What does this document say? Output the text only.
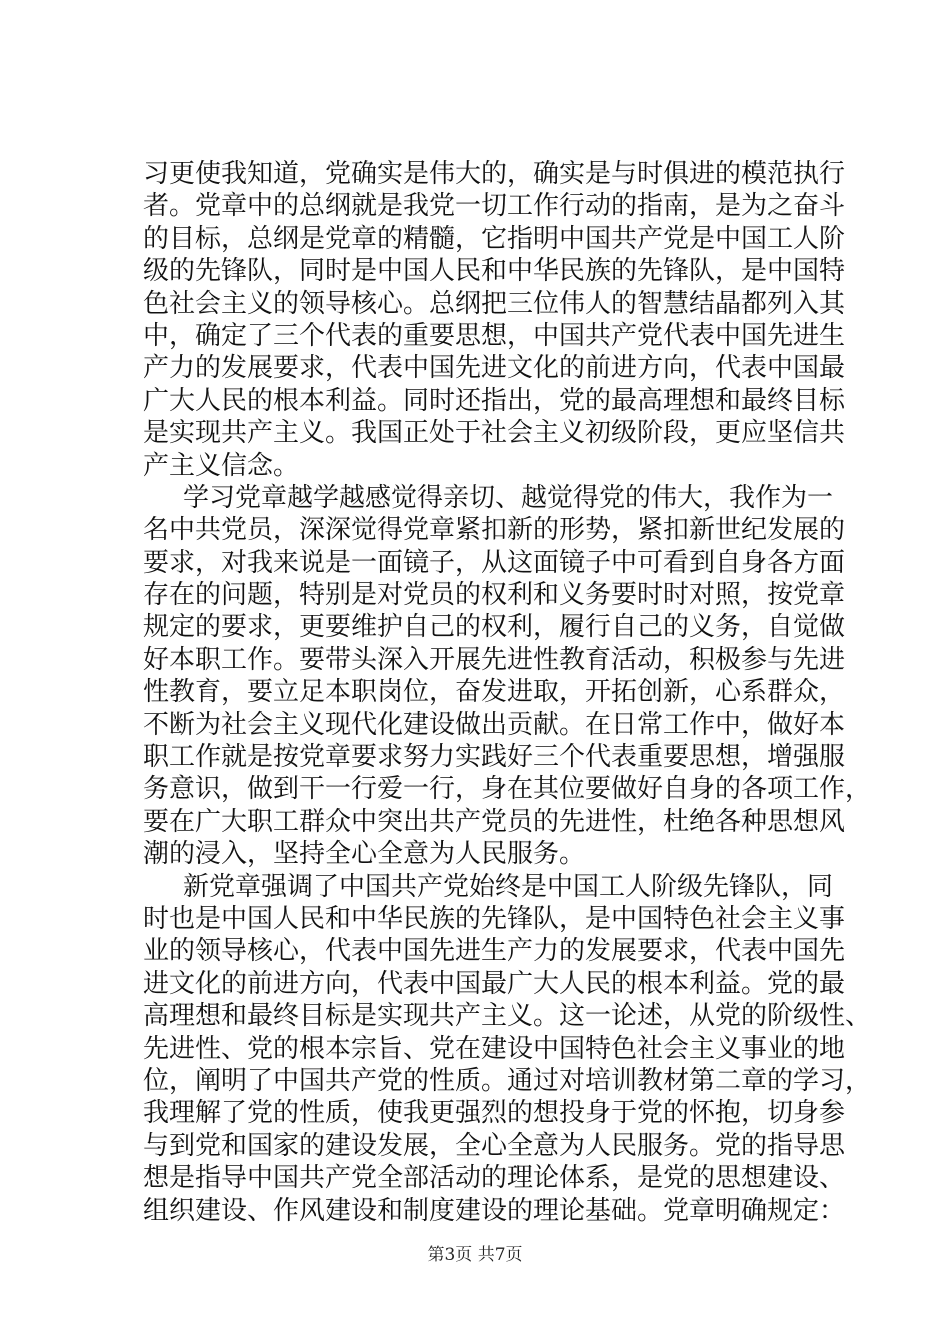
习更使我知道，党确实是伟大的，确实是与时俱进的模范执行
者。党章中的总纲就是我党一切工作行动的指南，是为之奋斗
的目标，总纲是党章的精髓，它指明中国共产党是中国工人阶
级的先锋队，同时是中国人民和中华民族的先锋队，是中国特
色社会主义的领导核心。总纲把三位伟人的智慧结晶都列入其
中，确定了三个代表的重要思想，中国共产党代表中国先进生
产力的发展要求，代表中国先进文化的前进方向，代表中国最
广大人民的根本利益。同时还指出，党的最高理想和最终目标
是实现共产主义。我国正处于社会主义初级阶段，更应坚信共
产主义信念。
学习党章越学越感觉得亲切、越觉得党的伟大，我作为一
名中共党员，深深觉得党章紧扣新的形势，紧扣新世纪发展的
要求，对我来说是一面镜子，从这面镜子中可看到自身各方面
存在的问题，特别是对党员的权利和义务要时时对照，按党章
规定的要求，更要维护自己的权利，履行自己的义务，自觉做
好本职工作。要带头深入开展先进性教育活动，积极参与先进
性教育，要立足本职岗位，奋发进取，开拓创新，心系群众，
不断为社会主义现代化建设做出贡献。在日常工作中，做好本
职工作就是按党章要求努力实践好三个代表重要思想，增强服
务意识，做到干一行爱一行，身在其位要做好自身的各项工作，
要在广大职工群众中突出共产党员的先进性，杜绝各种思想风
潮的浸入，坚持全心全意为人民服务。
新党章强调了中国共产党始终是中国工人阶级先锋队，同
时也是中国人民和中华民族的先锋队，是中国特色社会主义事
业的领导核心，代表中国先进生产力的发展要求，代表中国先
进文化的前进方向，代表中国最广大人民的根本利益。党的最
高理想和最终目标是实现共产主义。这一论述，从党的阶级性、
先进性、党的根本宗旨、党在建设中国特色社会主义事业的地
位，阐明了中国共产党的性质。通过对培训教材第二章的学习，
我理解了党的性质，使我更强烈的想投身于党的怀抱，切身参
与到党和国家的建设发展，全心全意为人民服务。党的指导思
想是指导中国共产党全部活动的理论体系，是党的思想建设、
组织建设、作风建设和制度建设的理论基础。党章明确规定：
第3页 共7页
